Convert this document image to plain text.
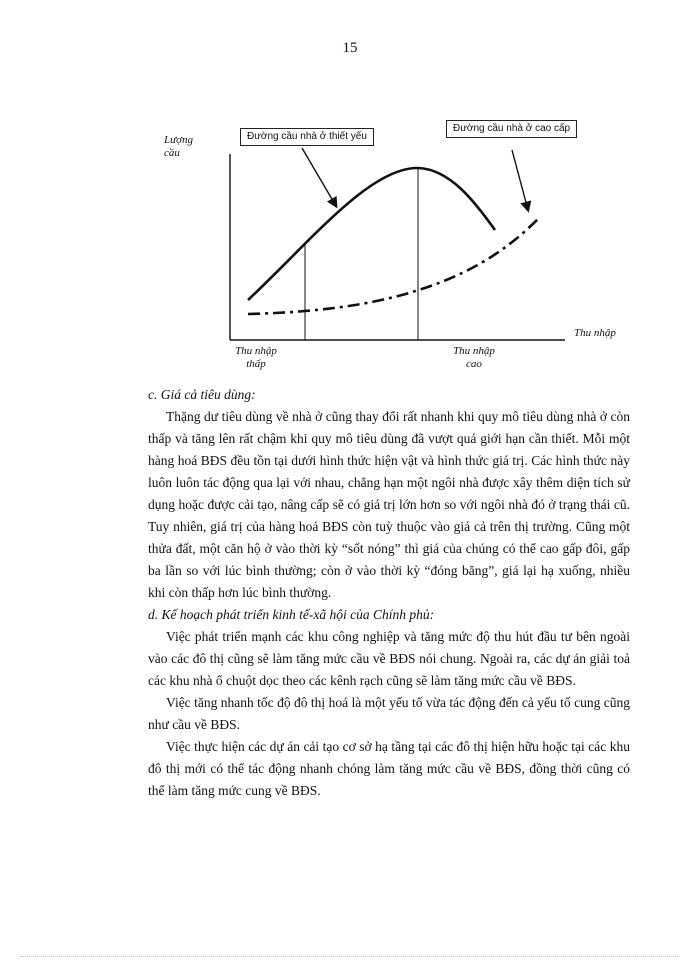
15
Lượng
cầu
Thu nhập
Thu nhập
thấp
Thu nhập
cao
Đường cầu nhà ở thiết yếu
Đường cầu nhà ở cao cấp

c. Giá cả tiêu dùng:

Thặng dư tiêu dùng về nhà ở cũng thay đổi rất nhanh khi quy mô tiêu dùng nhà ở còn thấp và tăng lên rất chậm khi quy mô tiêu dùng đã vượt quá giới hạn cần thiết. Mỗi một hàng hoá BĐS đều tồn tại dưới hình thức hiện vật và hình thức giá trị. Các hình thức này luôn luôn tác động qua lại với nhau, chẳng hạn một ngôi nhà được xây thêm diện tích sử dụng hoặc được cải tạo, nâng cấp sẽ có giá trị lớn hơn so với ngôi nhà đó ở trạng thái cũ. Tuy nhiên, giá trị của hàng hoá BĐS còn tuỳ thuộc vào giá cả trên thị trường. Cũng một thửa đất, một căn hộ ở vào thời kỳ “sốt nóng” thì giá của chúng có thể cao gấp đôi, gấp ba lần so với lúc bình thường; còn ở vào thời kỳ “đóng băng”, giá lại hạ xuống, nhiều khi còn thấp hơn lúc bình thường.

d. Kế hoạch phát triển kinh tế-xã hội của Chính phủ:

Việc phát triển mạnh các khu công nghiệp và tăng mức độ thu hút đầu tư bên ngoài vào các đô thị cũng sẽ làm tăng mức cầu về BĐS nói chung. Ngoài ra, các dự án giải toả các khu nhà ổ chuột dọc theo các kênh rạch cũng sẽ làm tăng mức cầu về BĐS.

Việc tăng nhanh tốc độ đô thị hoá là một yếu tố vừa tác động đến cả yếu tố cung cũng như cầu về BĐS.

Việc thực hiện các dự án cải tạo cơ sở hạ tầng tại các đô thị hiện hữu hoặc tại các khu đô thị mới có thể tác động nhanh chóng làm tăng mức cầu về BĐS, đồng thời cũng có thể làm tăng mức cung về BĐS.
